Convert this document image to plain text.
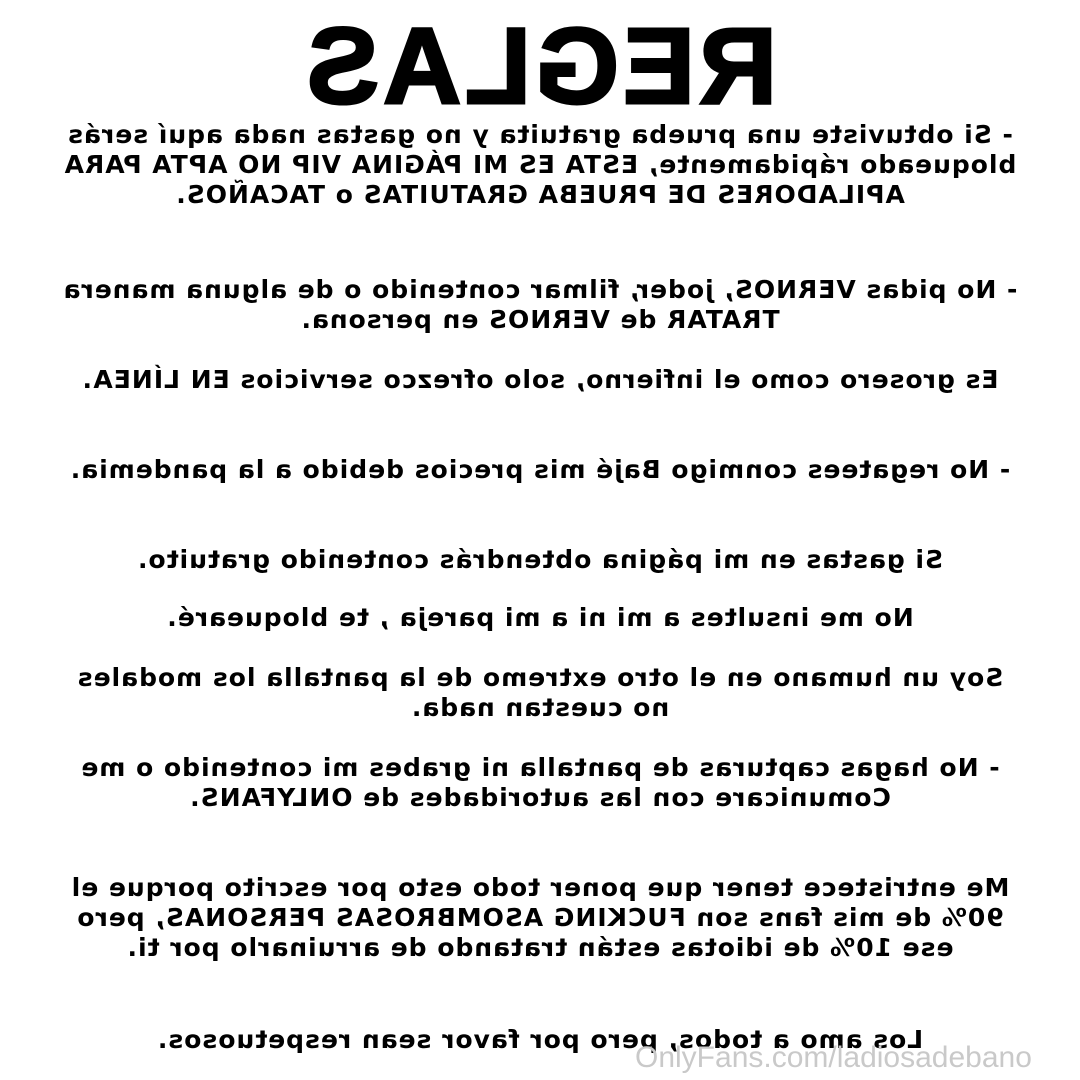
REGLAS

- Si obtuviste una prueba gratuita y no gastas nada aquí serás bloqueado rápidamente, ESTA ES MI PÁGINA VIP NO APTA PARA APILADORES DE PRUEBA GRATUITAS o TACAÑOS.

- No pidas VERNOS, joder, filmar contenido o de alguna manera TRATAR de VERNOS en persona.

Es grosero como el infierno, solo ofrezco servicios EN LÍNEA.

- No regatees conmigo Bajé mis precios debido a la pandemia.

Si gastas en mi página obtendrás contenido gratuito.

No me insultes a mi ni a mi pareja , te bloquearé.

Soy un humano en el otro extremo de la pantalla los modales no cuestan nada.

- No hagas capturas de pantalla ni grabes mi contenido o me Comunicare con las autoridades de ONLYFANS.

Me entristece tener que poner todo esto por escrito porque el 90% de mis fans son FUCKING ASOMBROSAS PERSONAS, pero ese 10% de idiotas están tratando de arruinarlo por ti.

Los amo a todos, pero por favor sean respetuosos.

OnlyFans.com/ladiosadebano
